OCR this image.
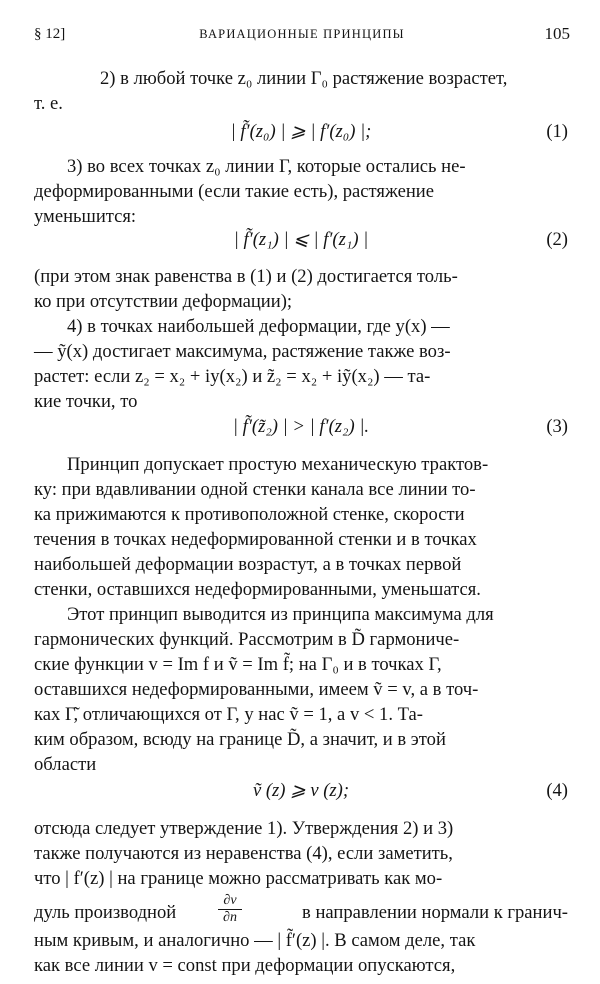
§ 12]	ВАРИАЦИОННЫЕ ПРИНЦИПЫ	105
2) в любой точке z₀ линии Γ₀ растяжение возрастет,
т. е.
| f̃′(z₀) | ⩾ | f′(z₀) |;	(1)
3) во всех точках z₀ линии Γ, которые остались не-
деформированными (если такие есть), растяжение
уменьшится:
| f̃′(z₁) | ⩽ | f′(z₁) |	(2)
(при этом знак равенства в (1) и (2) достигается толь-
ко при отсутствии деформации);
4) в точках наибольшей деформации, где y(x) —
— ỹ(x) достигает максимума, растяжение также воз-
растет: если z₂ = x₂ + iy(x₂) и z̃₂ = x₂ + iỹ(x₂) — та-
кие точки, то
| f̃′(z̃₂) | > | f′(z₂) |.	(3)
Принцип допускает простую механическую трактов-
ку: при вдавливании одной стенки канала все линии то-
ка прижимаются к противоположной стенке, скорости
течения в точках недеформированной стенки и в точках
наибольшей деформации возрастут, а в точках первой
стенки, оставшихся недеформированными, уменьшатся.
Этот принцип выводится из принципа максимума для
гармонических функций. Рассмотрим в D̃ гармониче-
ские функции v = Im f и ṽ = Im f̃; на Γ₀ и в точках Γ,
оставшихся недеформированными, имеем ṽ = v, а в точ-
ках Γ̃, отличающихся от Γ, у нас ṽ = 1, а v < 1. Та-
ким образом, всюду на границе D̃, а значит, и в этой
области
ṽ (z) ⩾ v (z);	(4)
отсюда следует утверждение 1). Утверждения 2) и 3)
также получаются из неравенства (4), если заметить,
что | f′(z) | на границе можно рассматривать как мо-
дуль производной	$\frac{\partial v}{\partial n}$	в направлении нормали к гранич-
ным кривым, и аналогично — | f̃′(z) |. В самом деле, так
как все линии v = const при деформации опускаются,
